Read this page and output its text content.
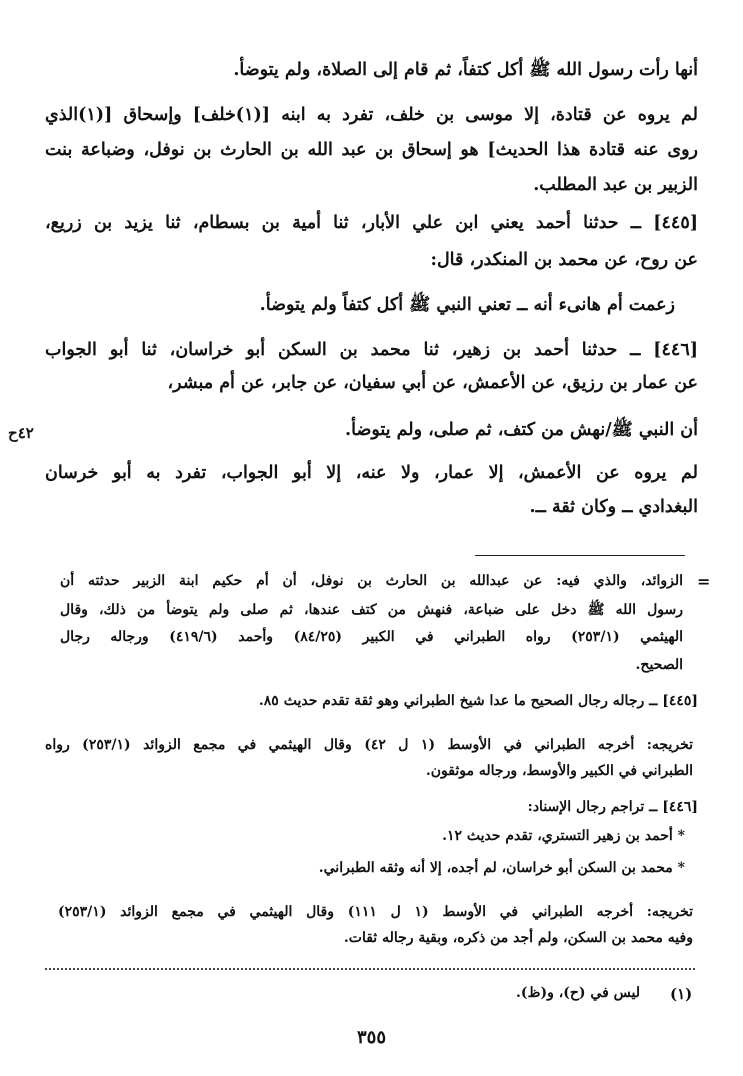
أنها رأت رسول الله ﷺ أكل كتفاً، ثم قام إلى الصلاة، ولم يتوضأ.
لم يروه عن قتادة، إلا موسى بن خلف، تفرد به ابنه [(١)خلف] وإسحاق [(١)الذي
روى عنه قتادة هذا الحديث] هو إسحاق بن عبد الله بن الحارث بن نوفل، وضباعة بنت
الزبير بن عبد المطلب.
[٤٤٥] ــ حدثنا أحمد يعني ابن علي الأبار، ثنا أمية بن بسطام، ثنا يزيد بن زريع،
عن روح، عن محمد بن المنكدر، قال:
زعمت أم هانىء أنه ــ تعني النبي ﷺ أكل كتفاً ولم يتوضأ.
[٤٤٦] ــ حدثنا أحمد بن زهير، ثنا محمد بن السكن أبو خراسان، ثنا أبو الجواب
عن عمار بن رزيق، عن الأعمش، عن أبي سفيان، عن جابر، عن أم مبشر،
أن النبي ﷺ/نهش من كتف، ثم صلى، ولم يتوضأ.
لم يروه عن الأعمش، إلا عمار، ولا عنه، إلا أبو الجواب، تفرد به أبو خرسان
البغدادي ــ وكان ثقة ــ.
٤٢ح
=
الزوائد، والذي فيه: عن عبدالله بن الحارث بن نوفل، أن أم حكيم ابنة الزبير حدثته أن
رسول الله ﷺ دخل على ضباعة، فنهش من كتف عندها، ثم صلى ولم يتوضأ من ذلك، وقال
الهيثمي (٢٥٣/١) رواه الطبراني في الكبير (٨٤/٢٥) وأحمد (٤١٩/٦) ورجاله رجال
الصحيح.
[٤٤٥] ــ رجاله رجال الصحيح ما عدا شيخ الطبراني وهو ثقة تقدم حديث ٨٥.
تخريجه: أخرجه الطبراني في الأوسط (١ ل ٤٢) وقال الهيثمي في مجمع الزوائد (٢٥٣/١) رواه
الطبراني في الكبير والأوسط، ورجاله موثقون.
[٤٤٦] ــ تراجم رجال الإسناد:
* أحمد بن زهير التستري، تقدم حديث ١٢.
* محمد بن السكن أبو خراسان، لم أجده، إلا أنه وثقه الطبراني.
تخريجه: أخرجه الطبراني في الأوسط (١ ل ١١١) وقال الهيثمي في مجمع الزوائد (٢٥٣/١)
وفيه محمد بن السكن، ولم أجد من ذكره، وبقية رجاله ثقات.
(١)
ليس في (ح)، و(ظ).
٣٥٥
